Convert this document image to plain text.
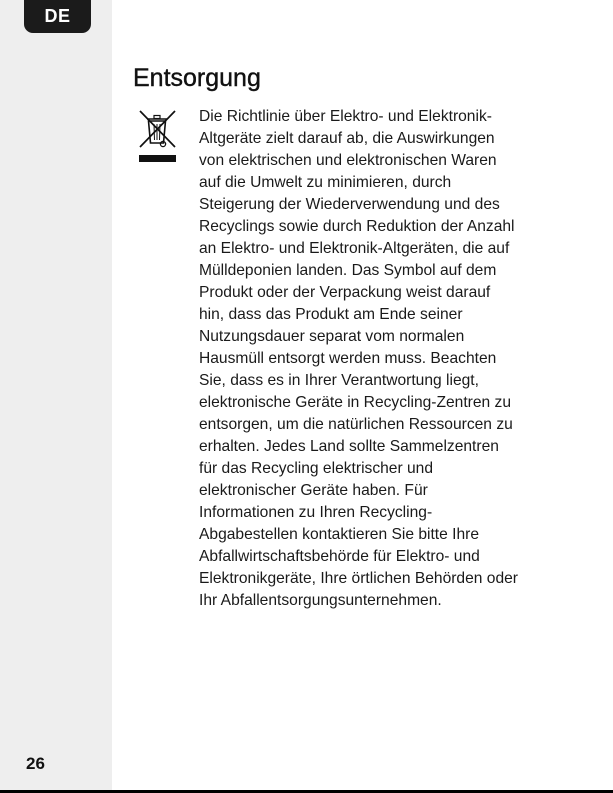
DE
26
Entsorgung

Die Richtlinie über Elektro- und Elektronik-
Altgeräte zielt darauf ab, die Auswirkungen
von elektrischen und elektronischen Waren
auf die Umwelt zu minimieren, durch
Steigerung der Wiederverwendung und des
Recyclings sowie durch Reduktion der Anzahl
an Elektro- und Elektronik-Altgeräten, die auf
Mülldeponien landen. Das Symbol auf dem
Produkt oder der Verpackung weist darauf
hin, dass das Produkt am Ende seiner
Nutzungsdauer separat vom normalen
Hausmüll entsorgt werden muss. Beachten
Sie, dass es in Ihrer Verantwortung liegt,
elektronische Geräte in Recycling-Zentren zu
entsorgen, um die natürlichen Ressourcen zu
erhalten. Jedes Land sollte Sammelzentren
für das Recycling elektrischer und
elektronischer Geräte haben. Für
Informationen zu Ihren Recycling-
Abgabestellen kontaktieren Sie bitte Ihre
Abfallwirtschaftsbehörde für Elektro- und
Elektronikgeräte, Ihre örtlichen Behörden oder
Ihr Abfallentsorgungsunternehmen.
